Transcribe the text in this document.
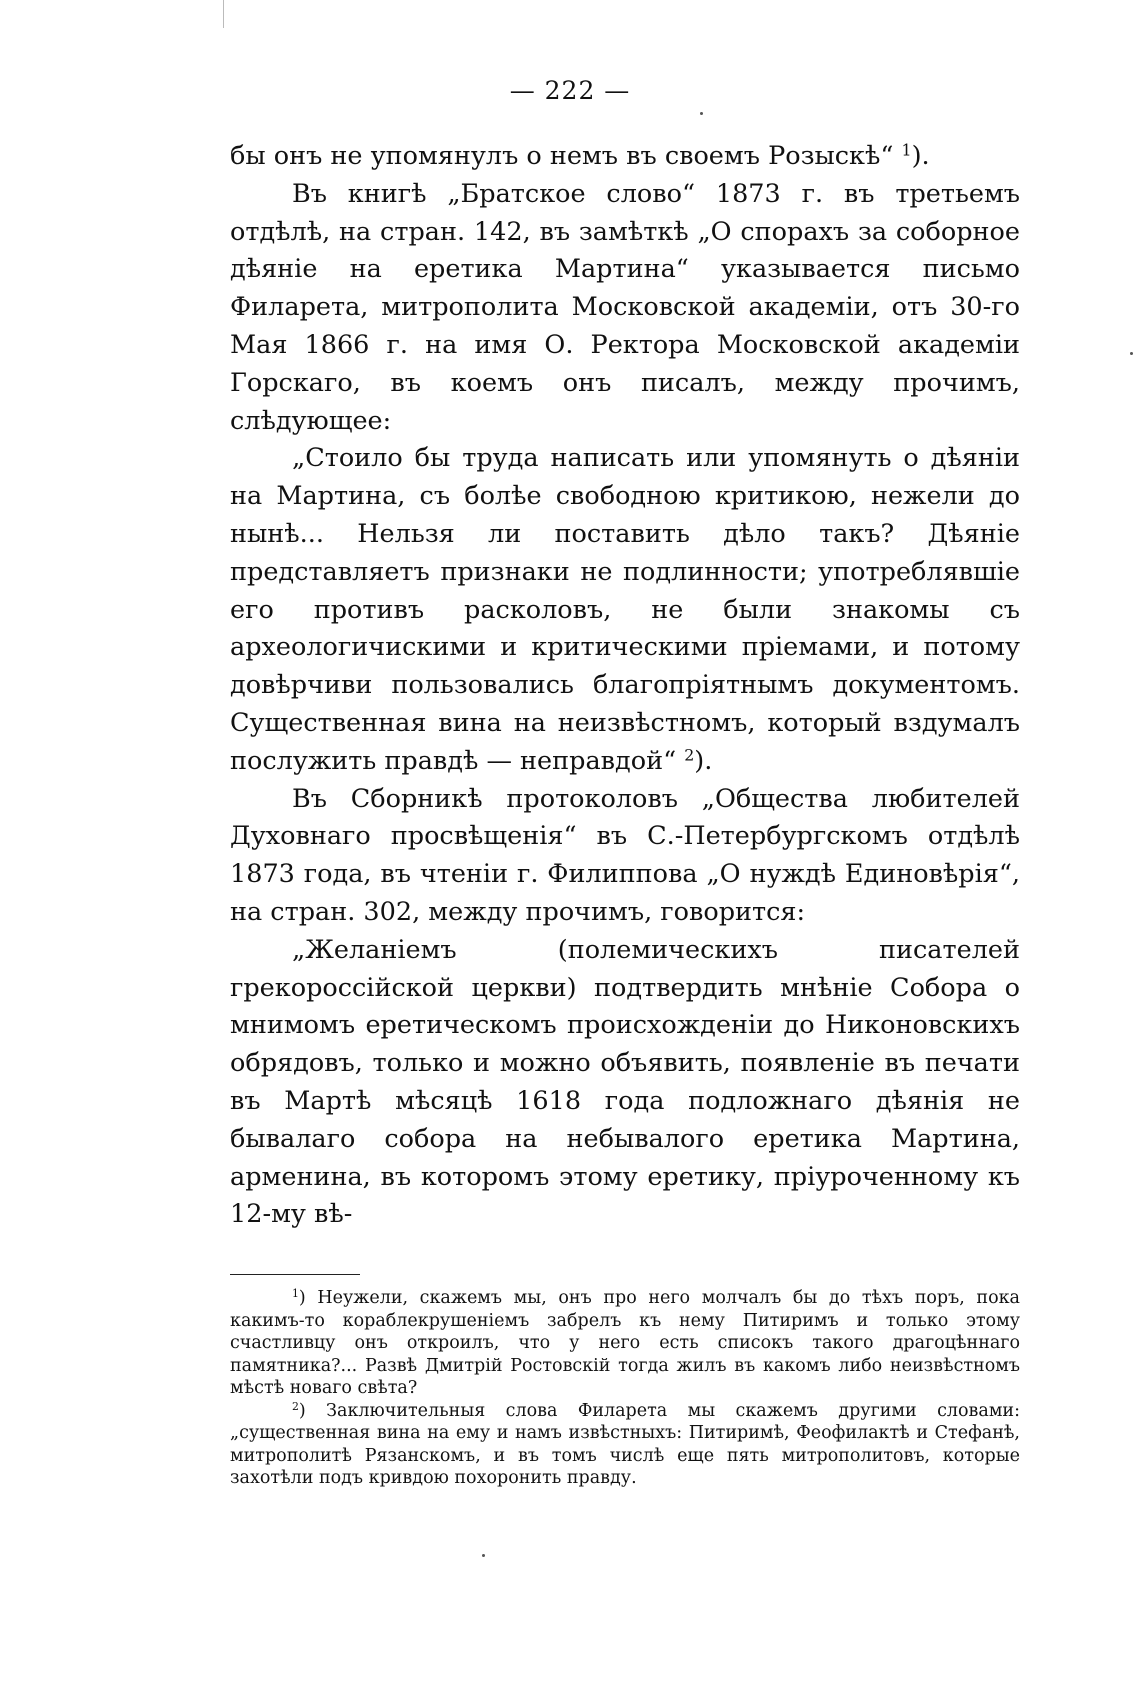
— 222 —

бы онъ не упомянулъ о немъ въ своемъ Розыскѣ“ $^1$).

Въ книгѣ „Братское слово“ 1873 г. въ третьемъ отдѣлѣ, на стран. 142, въ замѣткѣ „О спорахъ за соборное дѣяніе на еретика Мартина“ указывается письмо Филарета, митрополита Московской академіи, отъ 30-го Мая 1866 г. на имя О. Ректора Московской академіи Горскаго, въ коемъ онъ писалъ, между прочимъ, слѣдующее:

„Стоило бы труда написать или упомянуть о дѣяніи на Мартина, съ болѣе свободною критикою, нежели до нынѣ... Нельзя ли поставить дѣло такъ? Дѣяніе представляетъ признаки не подлинности; употреблявшіе его противъ расколовъ, не были знакомы съ археологичискими и критическими пріемами, и потому довѣрчиви пользовались благопріятнымъ документомъ. Существенная вина на неизвѣстномъ, который вздумалъ послужить правдѣ — неправдой“ $^2$).

Въ Сборникѣ протоколовъ „Общества любителей Духовнаго просвѣщенія“ въ С.-Петербургскомъ отдѣлѣ 1873 года, въ чтеніи г. Филиппова „О нуждѣ Единовѣрія“, на стран. 302, между прочимъ, говорится:

„Желаніемъ (полемическихъ писателей грекороссійской церкви) подтвердить мнѣніе Собора о мнимомъ еретическомъ происхожденіи до Никоновскихъ обрядовъ, только и можно объявить, появленіе въ печати въ Мартѣ мѣсяцѣ 1618 года подложнаго дѣянія не бывалаго собора на небывалого еретика Мартина, арменина, въ которомъ этому еретику, пріуроченному къ 12-му вѣ-

$^1$) Неужели, скажемъ мы, онъ про него молчалъ бы до тѣхъ поръ, пока какимъ-то кораблекрушеніемъ забрелъ къ нему Питиримъ и только этому счастливцу онъ откроилъ, что у него есть списокъ такого драгоцѣннаго памятника?... Развѣ Дмитрій Ростовскій тогда жилъ въ какомъ либо неизвѣстномъ мѣстѣ новаго свѣта?

$^2$) Заключительныя слова Филарета мы скажемъ другими словами: „существенная вина на ему и намъ извѣстныхъ: Питиримѣ, Феофилактѣ и Стефанѣ, митрополитѣ Рязанскомъ, и въ томъ числѣ еще пять митрополитовъ, которые захотѣли подъ кривдою похоронить правду.
